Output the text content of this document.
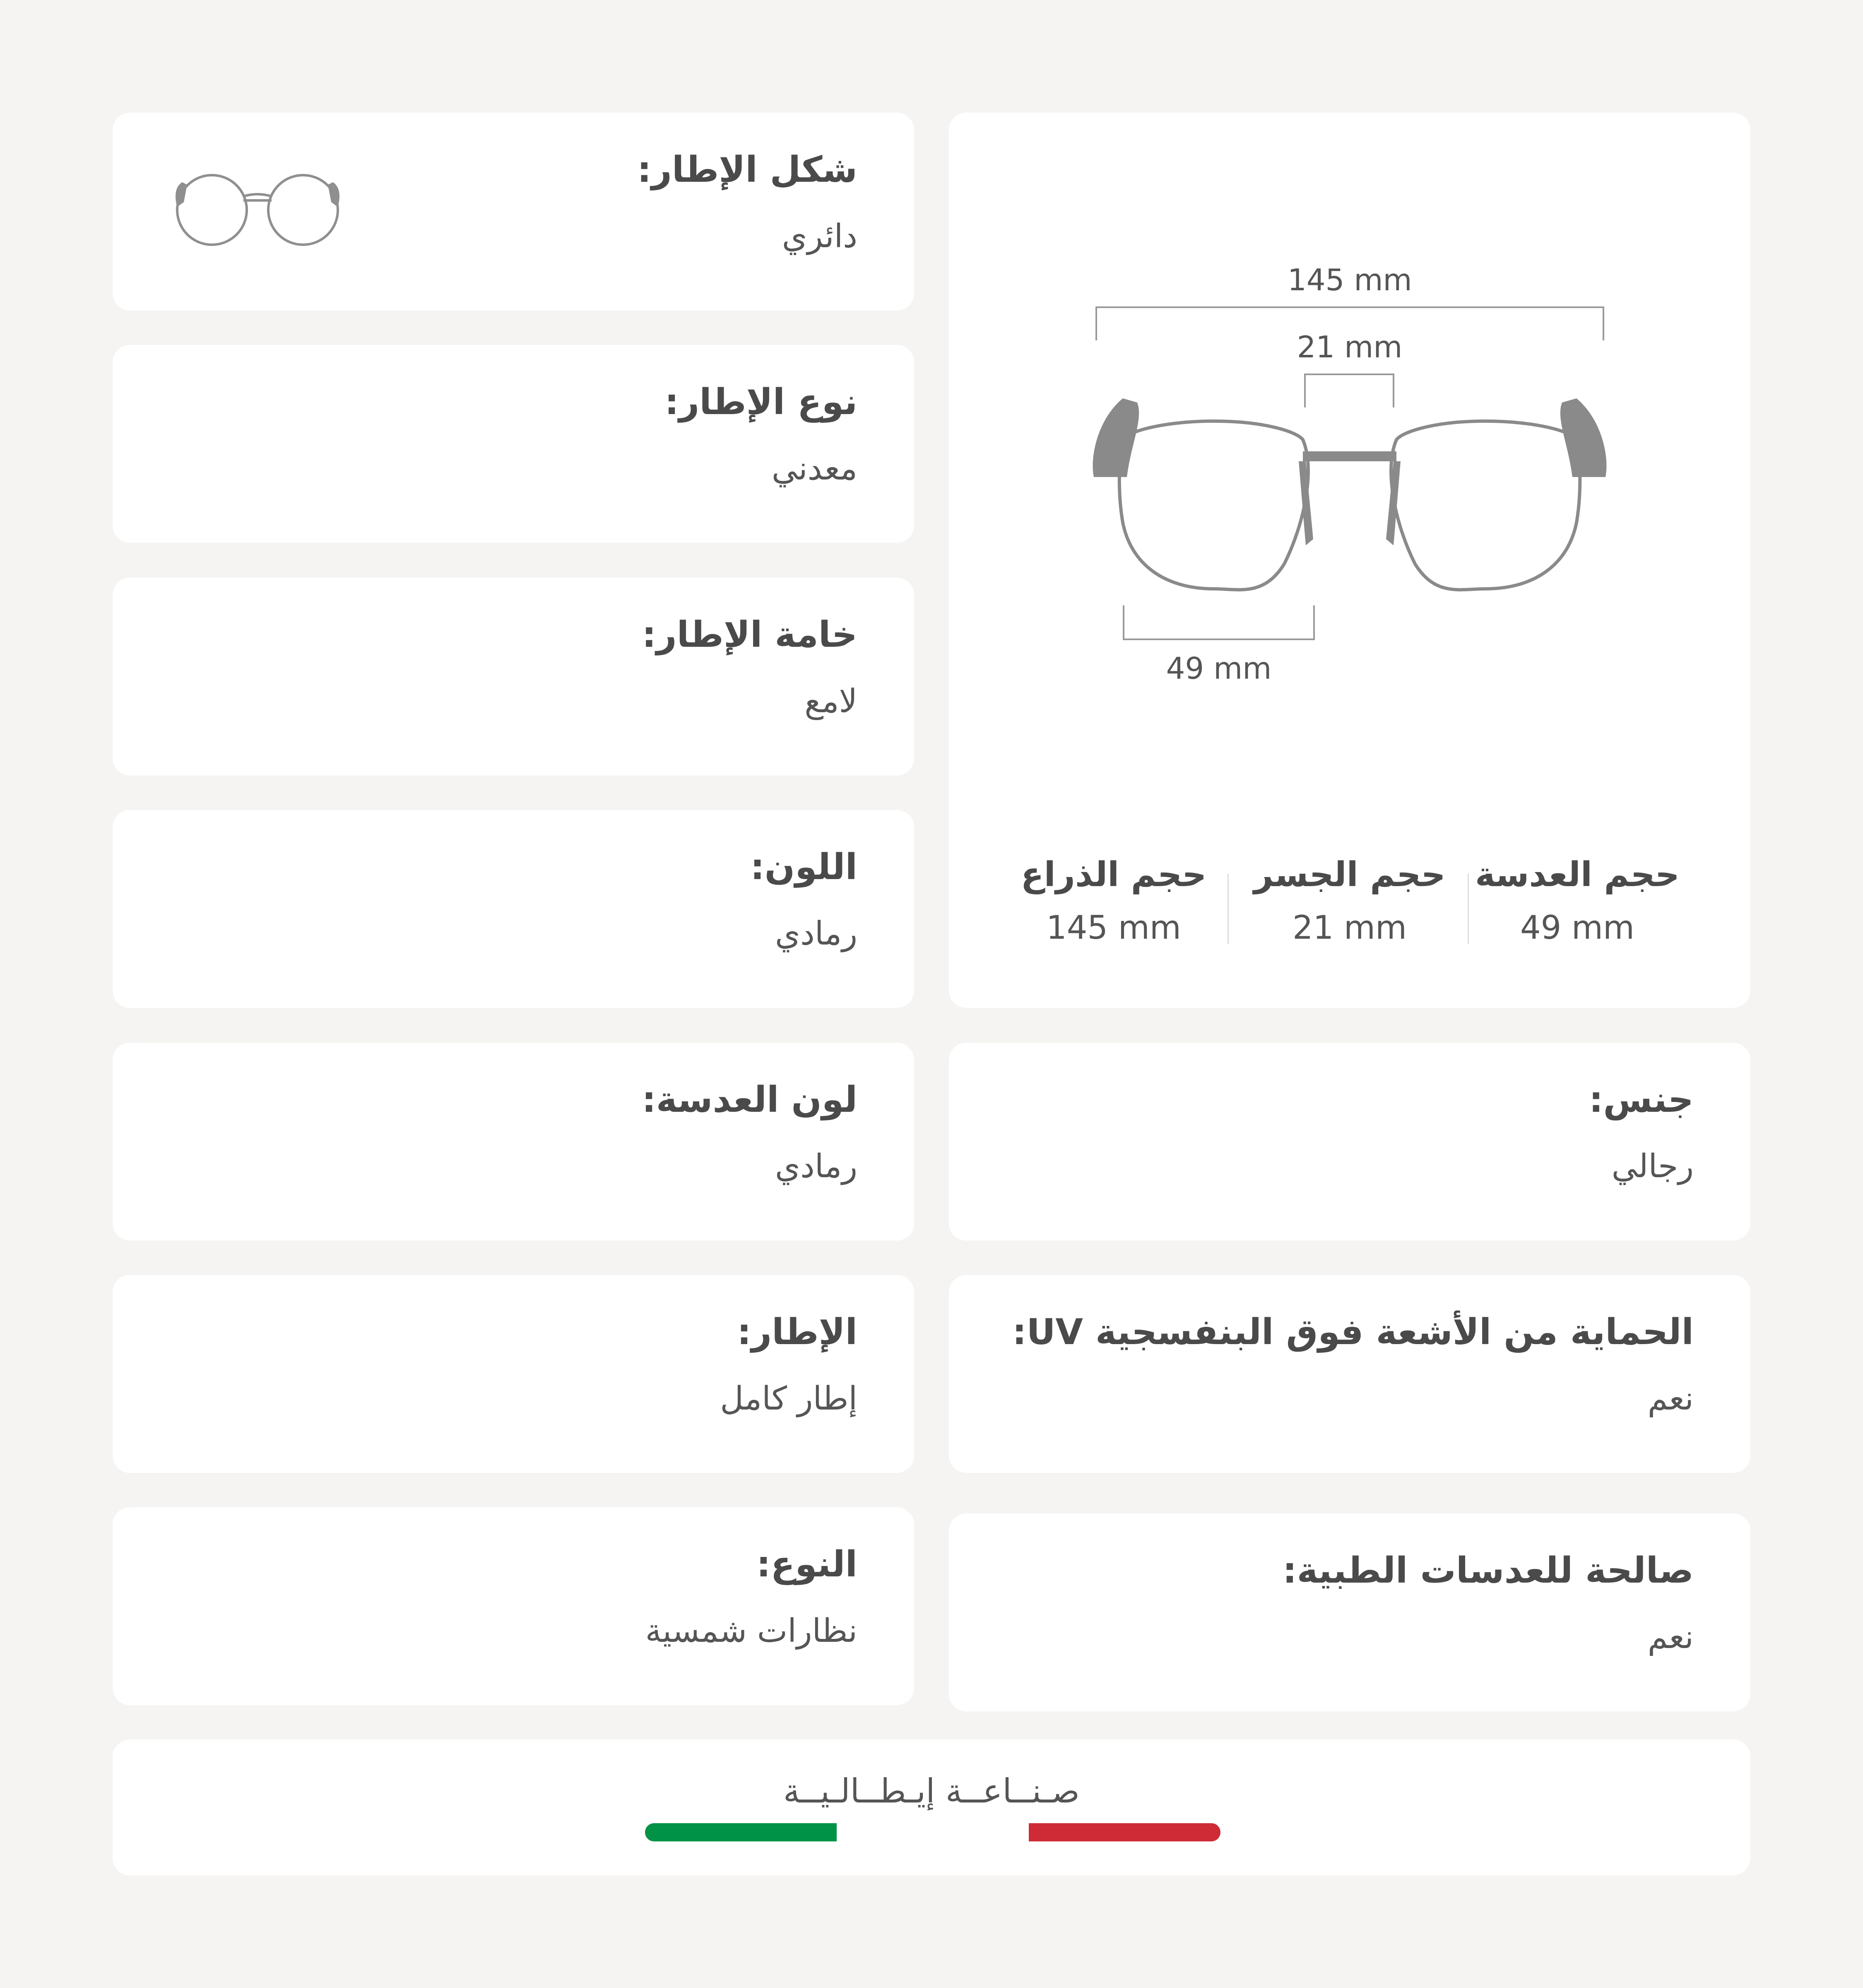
شكل الإطار:
دائري
نوع الإطار:
معدني
خامة الإطار:
لامع
اللون:
رمادي
لون العدسة:
رمادي
الإطار:
إطار كامل
النوع:
نظارات شمسية
145 mm
21 mm
49 mm
حجم العدسة
49 mm
حجم الجسر
21 mm
حجم الذراع
145 mm
جنس:
رجالي
الحماية من الأشعة فوق البنفسجية UV:
نعم
صالحة للعدسات الطبية:
نعم
صـنــاعــة إيـطــالـيــة
